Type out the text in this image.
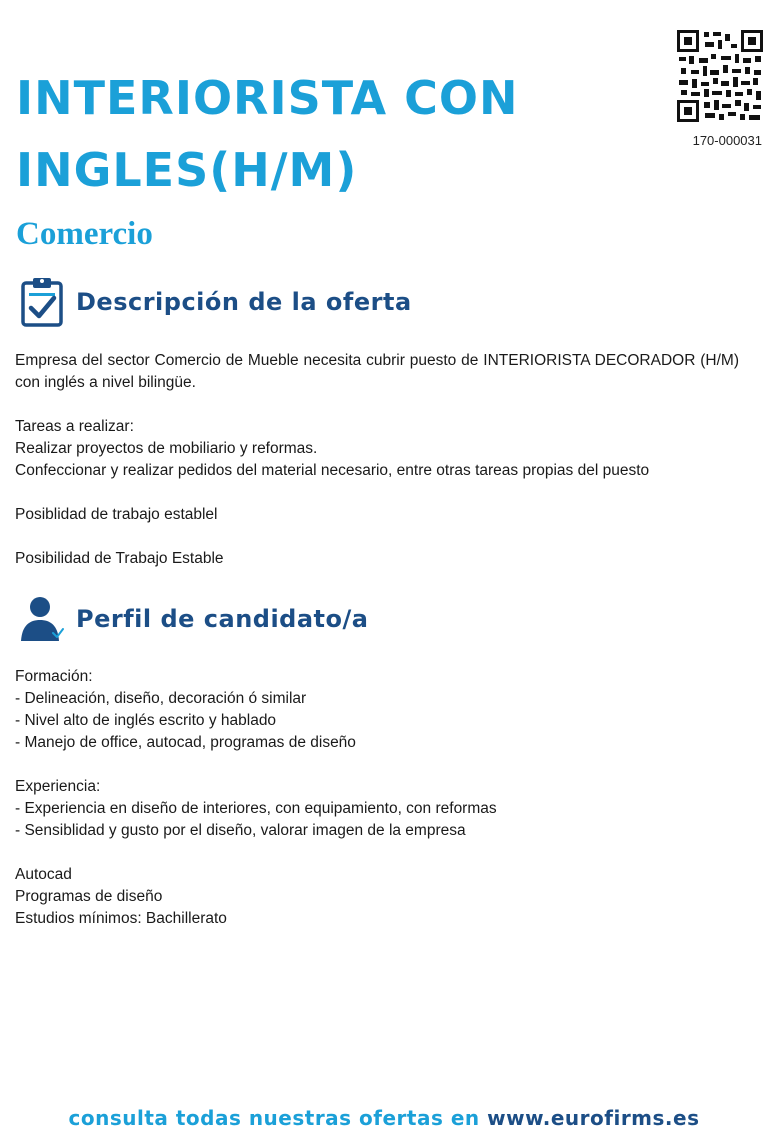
INTERIORISTA CON INGLES(H/M)
Comercio
170-000031
Descripción de la oferta

Empresa del sector Comercio de Mueble necesita cubrir puesto de INTERIORISTA DECORADOR (H/M) con inglés a nivel bilingüe.

Tareas a realizar:

Realizar proyectos de mobiliario y reformas.

Confeccionar y realizar pedidos del material necesario, entre otras tareas propias del puesto

Posiblidad de trabajo establel

Posibilidad de Trabajo Estable

Perfil de candidato/a

Formación:

- Delineación, diseño, decoración ó similar

- Nivel alto de inglés escrito y hablado

- Manejo de office, autocad, programas de diseño

Experiencia:

- Experiencia en diseño de interiores, con equipamiento, con reformas

- Sensiblidad y gusto por el diseño, valorar imagen de la empresa

Autocad

Programas de diseño

Estudios mínimos: Bachillerato

consulta todas nuestras ofertas en www.eurofirms.es
